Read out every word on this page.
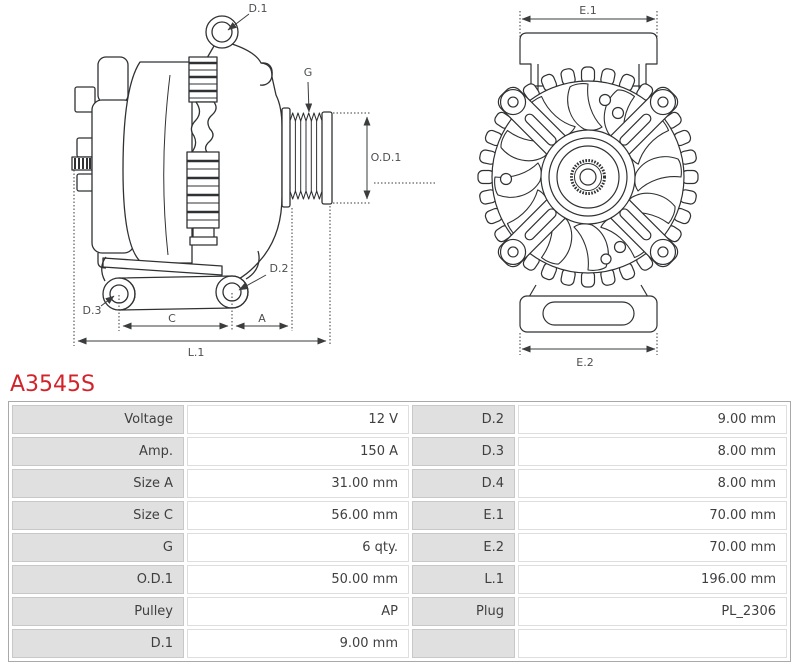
D.1
G
O.D.1
D.2
D.3
C	A
L.1
E.1
E.2
A3545S
Voltage	12 V	D.2	9.00 mm
Amp.	150 A	D.3	8.00 mm
Size A	31.00 mm	D.4	8.00 mm
Size C	56.00 mm	E.1	70.00 mm
G	6 qty.	E.2	70.00 mm
O.D.1	50.00 mm	L.1	196.00 mm
Pulley	AP	Plug	PL_2306
D.1	9.00 mm		
